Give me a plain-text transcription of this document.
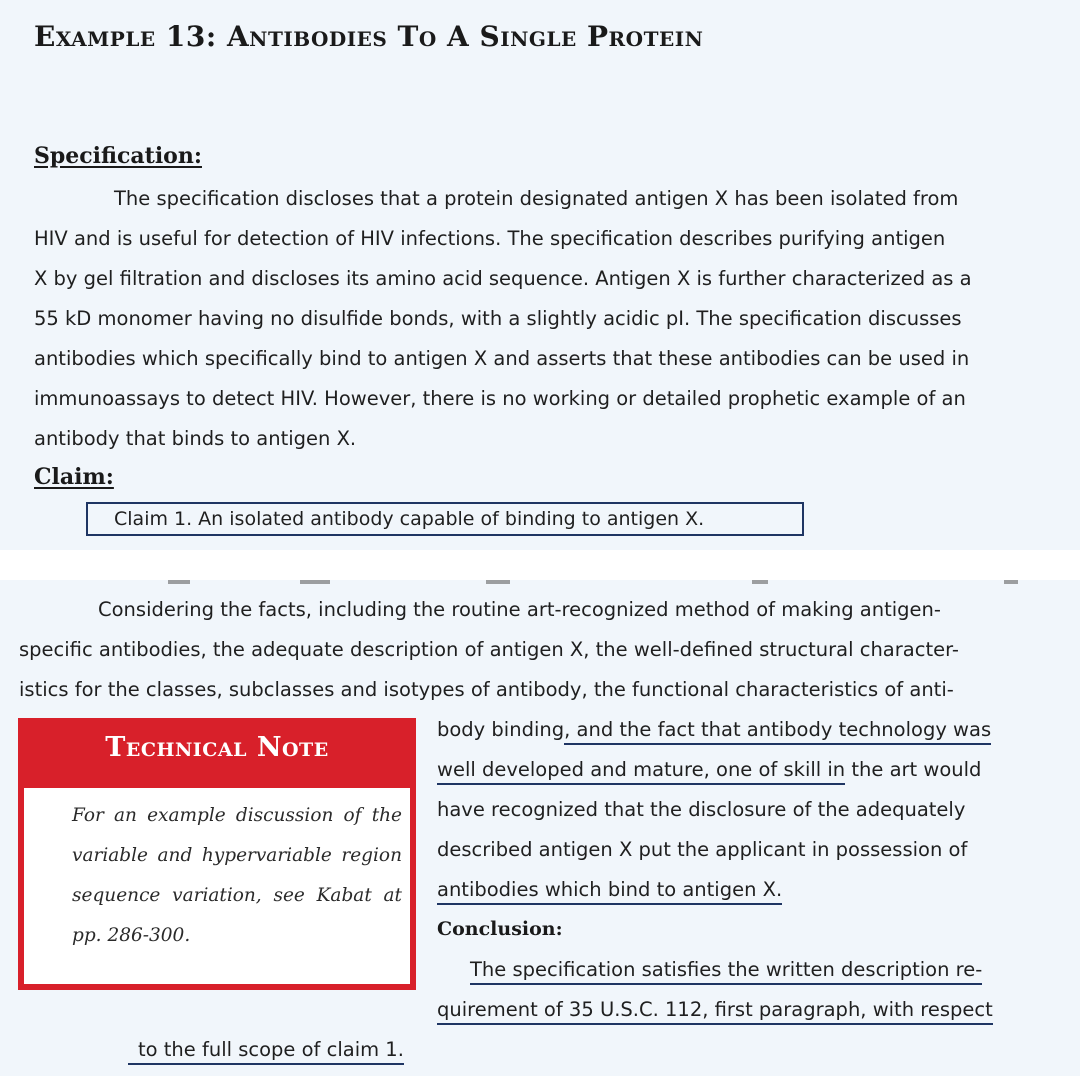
Example 13: Antibodies To A Single Protein
Specification:
The specification discloses that a protein designated antigen X has been isolated from
HIV and is useful for detection of HIV infections. The specification describes purifying antigen
X by gel filtration and discloses its amino acid sequence. Antigen X is further characterized as a
55 kD monomer having no disulfide bonds, with a slightly acidic pI. The specification discusses
antibodies which specifically bind to antigen X and asserts that these antibodies can be used in
immunoassays to detect HIV. However, there is no working or detailed prophetic example of an
antibody that binds to antigen X.
Claim:
Claim 1. An isolated antibody capable of binding to antigen X.
Considering the facts, including the routine art-recognized method of making antigen-
specific antibodies, the adequate description of antigen X, the well-defined structural character-
istics for the classes, subclasses and isotypes of antibody, the functional characteristics of anti-
body binding, and the fact that antibody technology was
well developed and mature, one of skill in the art would
have recognized that the disclosure of the adequately
described antigen X put the applicant in possession of
antibodies which bind to antigen X.
Technical Note

For an example discussion of the variable and hypervariable region sequence variation, see Kabat at pp. 286-300.	Conclusion:
The specification satisfies the written description re-
quirement of 35 U.S.C. 112, first paragraph, with respect
to the full scope of claim 1.
